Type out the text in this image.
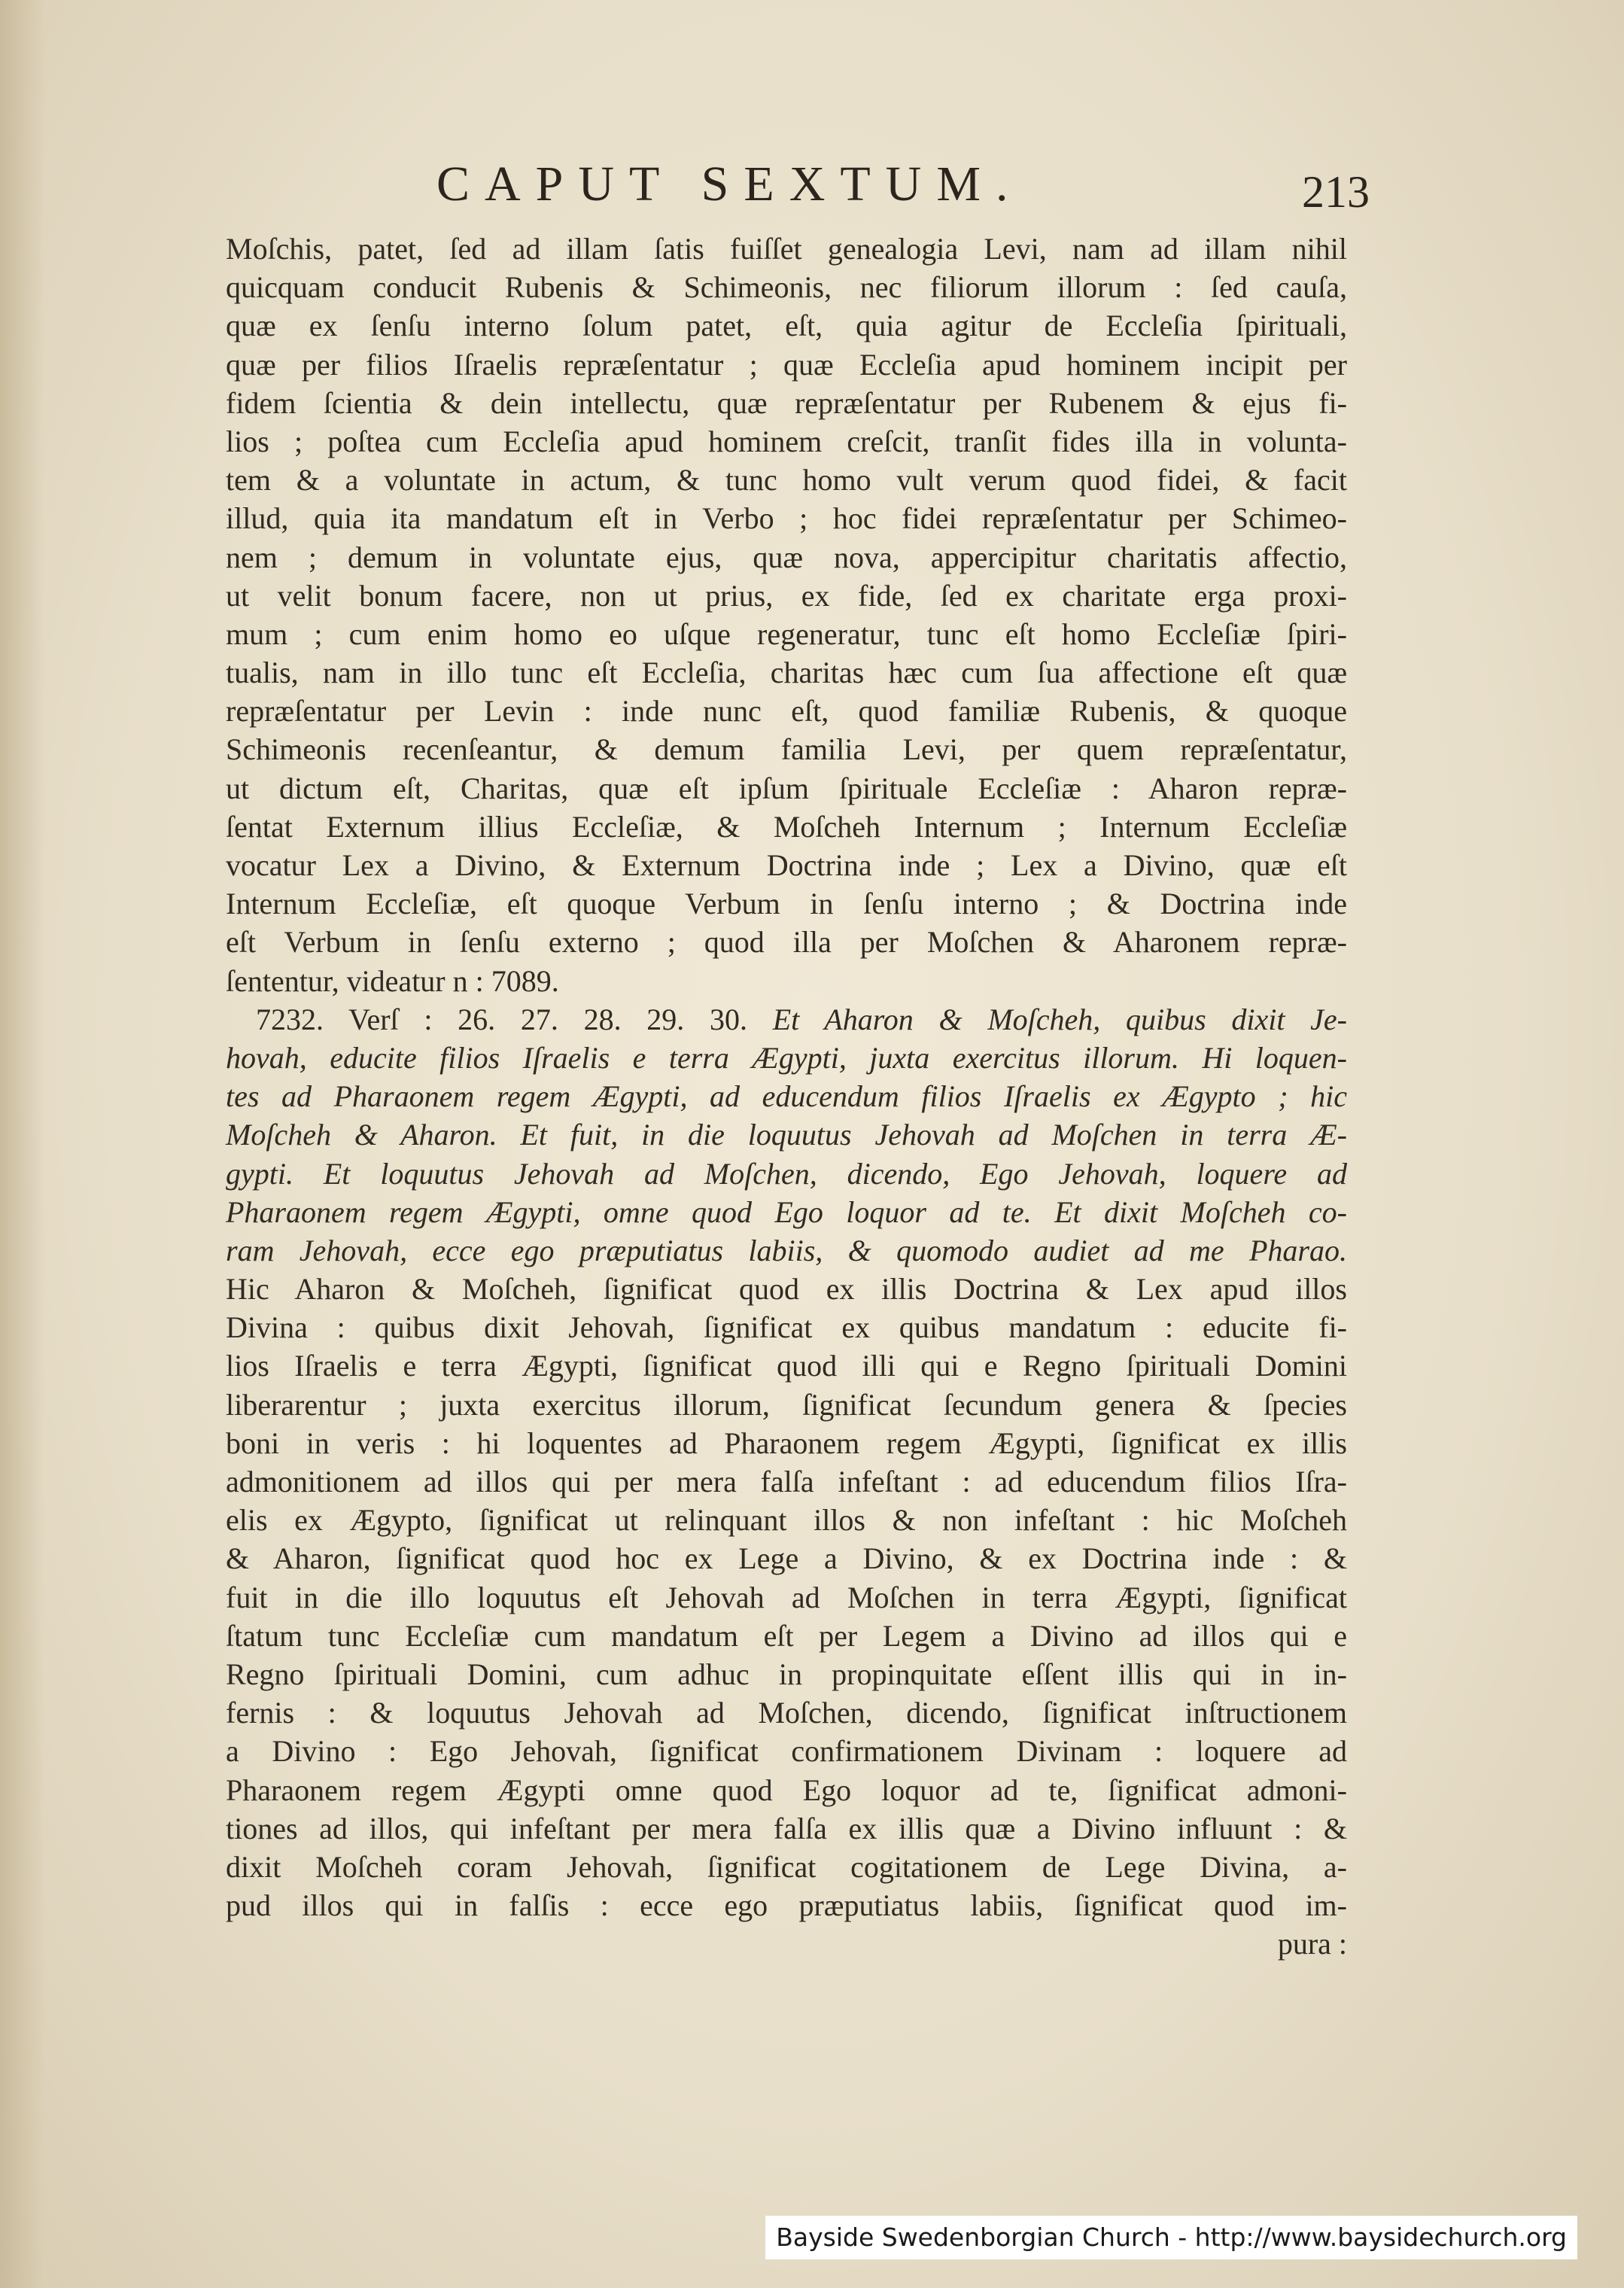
CAPUT SEXTUM.	213
Moſchis, patet, ſed ad illam ſatis fuiſſet genealogia Levi, nam ad illam nihil
quicquam conducit Rubenis & Schimeonis, nec filiorum illorum : ſed cauſa,
quæ ex ſenſu interno ſolum patet, eſt, quia agitur de Eccleſia ſpirituali,
quæ per filios Iſraelis repræſentatur ; quæ Eccleſia apud hominem incipit per
fidem ſcientia & dein intellectu, quæ repræſentatur per Rubenem & ejus fi-
lios ; poſtea cum Eccleſia apud hominem creſcit, tranſit fides illa in volunta-
tem & a voluntate in actum, & tunc homo vult verum quod fidei, & facit
illud, quia ita mandatum eſt in Verbo ; hoc fidei repræſentatur per Schimeo-
nem ; demum in voluntate ejus, quæ nova, appercipitur charitatis affectio,
ut velit bonum facere, non ut prius, ex fide, ſed ex charitate erga proxi-
mum ; cum enim homo eo uſque regeneratur, tunc eſt homo Eccleſiæ ſpiri-
tualis, nam in illo tunc eſt Eccleſia, charitas hæc cum ſua affectione eſt quæ
repræſentatur per Levin : inde nunc eſt, quod familiæ Rubenis, & quoque
Schimeonis recenſeantur, & demum familia Levi, per quem repræſentatur,
ut dictum eſt, Charitas, quæ eſt ipſum ſpirituale Eccleſiæ : Aharon repræ-
ſentat Externum illius Eccleſiæ, & Moſcheh Internum ; Internum Eccleſiæ
vocatur Lex a Divino, & Externum Doctrina inde ; Lex a Divino, quæ eſt
Internum Eccleſiæ, eſt quoque Verbum in ſenſu interno ; & Doctrina inde
eſt Verbum in ſenſu externo ; quod illa per Moſchen & Aharonem repræ-
ſententur, videatur n : 7089.
7232. Verſ : 26. 27. 28. 29. 30. Et Aharon & Moſcheh, quibus dixit Je-
hovah, educite filios Iſraelis e terra Ægypti, juxta exercitus illorum. Hi loquen-
tes ad Pharaonem regem Ægypti, ad educendum filios Iſraelis ex Ægypto ; hic
Moſcheh & Aharon. Et fuit, in die loquutus Jehovah ad Moſchen in terra Æ-
gypti. Et loquutus Jehovah ad Moſchen, dicendo, Ego Jehovah, loquere ad
Pharaonem regem Ægypti, omne quod Ego loquor ad te. Et dixit Moſcheh co-
ram Jehovah, ecce ego præputiatus labiis, & quomodo audiet ad me Pharao.
Hic Aharon & Moſcheh, ſignificat quod ex illis Doctrina & Lex apud illos
Divina : quibus dixit Jehovah, ſignificat ex quibus mandatum : educite fi-
lios Iſraelis e terra Ægypti, ſignificat quod illi qui e Regno ſpirituali Domini
liberarentur ; juxta exercitus illorum, ſignificat ſecundum genera & ſpecies
boni in veris : hi loquentes ad Pharaonem regem Ægypti, ſignificat ex illis
admonitionem ad illos qui per mera falſa infeſtant : ad educendum filios Iſra-
elis ex Ægypto, ſignificat ut relinquant illos & non infeſtant : hic Moſcheh
& Aharon, ſignificat quod hoc ex Lege a Divino, & ex Doctrina inde : &
fuit in die illo loquutus eſt Jehovah ad Moſchen in terra Ægypti, ſignificat
ſtatum tunc Eccleſiæ cum mandatum eſt per Legem a Divino ad illos qui e
Regno ſpirituali Domini, cum adhuc in propinquitate eſſent illis qui in in-
fernis : & loquutus Jehovah ad Moſchen, dicendo, ſignificat inſtructionem
a Divino : Ego Jehovah, ſignificat confirmationem Divinam : loquere ad
Pharaonem regem Ægypti omne quod Ego loquor ad te, ſignificat admoni-
tiones ad illos, qui infeſtant per mera falſa ex illis quæ a Divino influunt : &
dixit Moſcheh coram Jehovah, ſignificat cogitationem de Lege Divina, a-
pud illos qui in falſis : ecce ego præputiatus labiis, ſignificat quod im-
pura :
Bayside Swedenborgian Church - http://www.baysidechurch.org
